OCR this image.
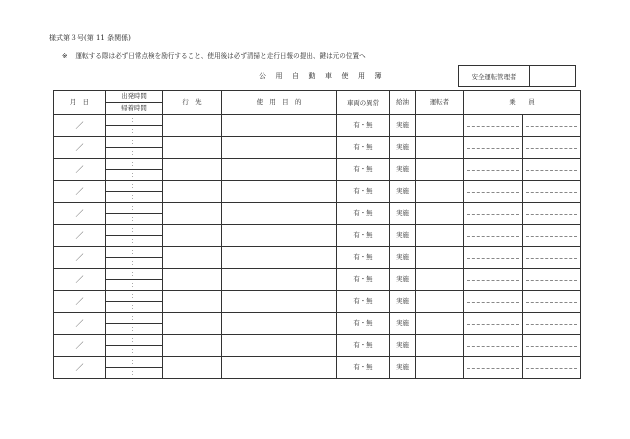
様式第３号(第 11 条関係)
※ 運転する際は必ず日常点検を励行すること、使用後は必ず清掃と走行日報の提出、鍵は元の位置へ
公用自動車使用簿	安全運転管理者
月　日	出発時間	行　先	使　用　目　的	車両の異常	給油	運転者	乗　　員	
	帰着時間							
／	：			有・無	実施		

	：							
／	：			有・無	実施		

	：							
／	：			有・無	実施		

	：							
／	：			有・無	実施		

	：							
／	：			有・無	実施		

	：							
／	：			有・無	実施		

	：							
／	：			有・無	実施		

	：							
／	：			有・無	実施		

	：							
／	：			有・無	実施		

	：							
／	：			有・無	実施		

	：							
／	：			有・無	実施		

	：							
／	：			有・無	実施		

	：							
